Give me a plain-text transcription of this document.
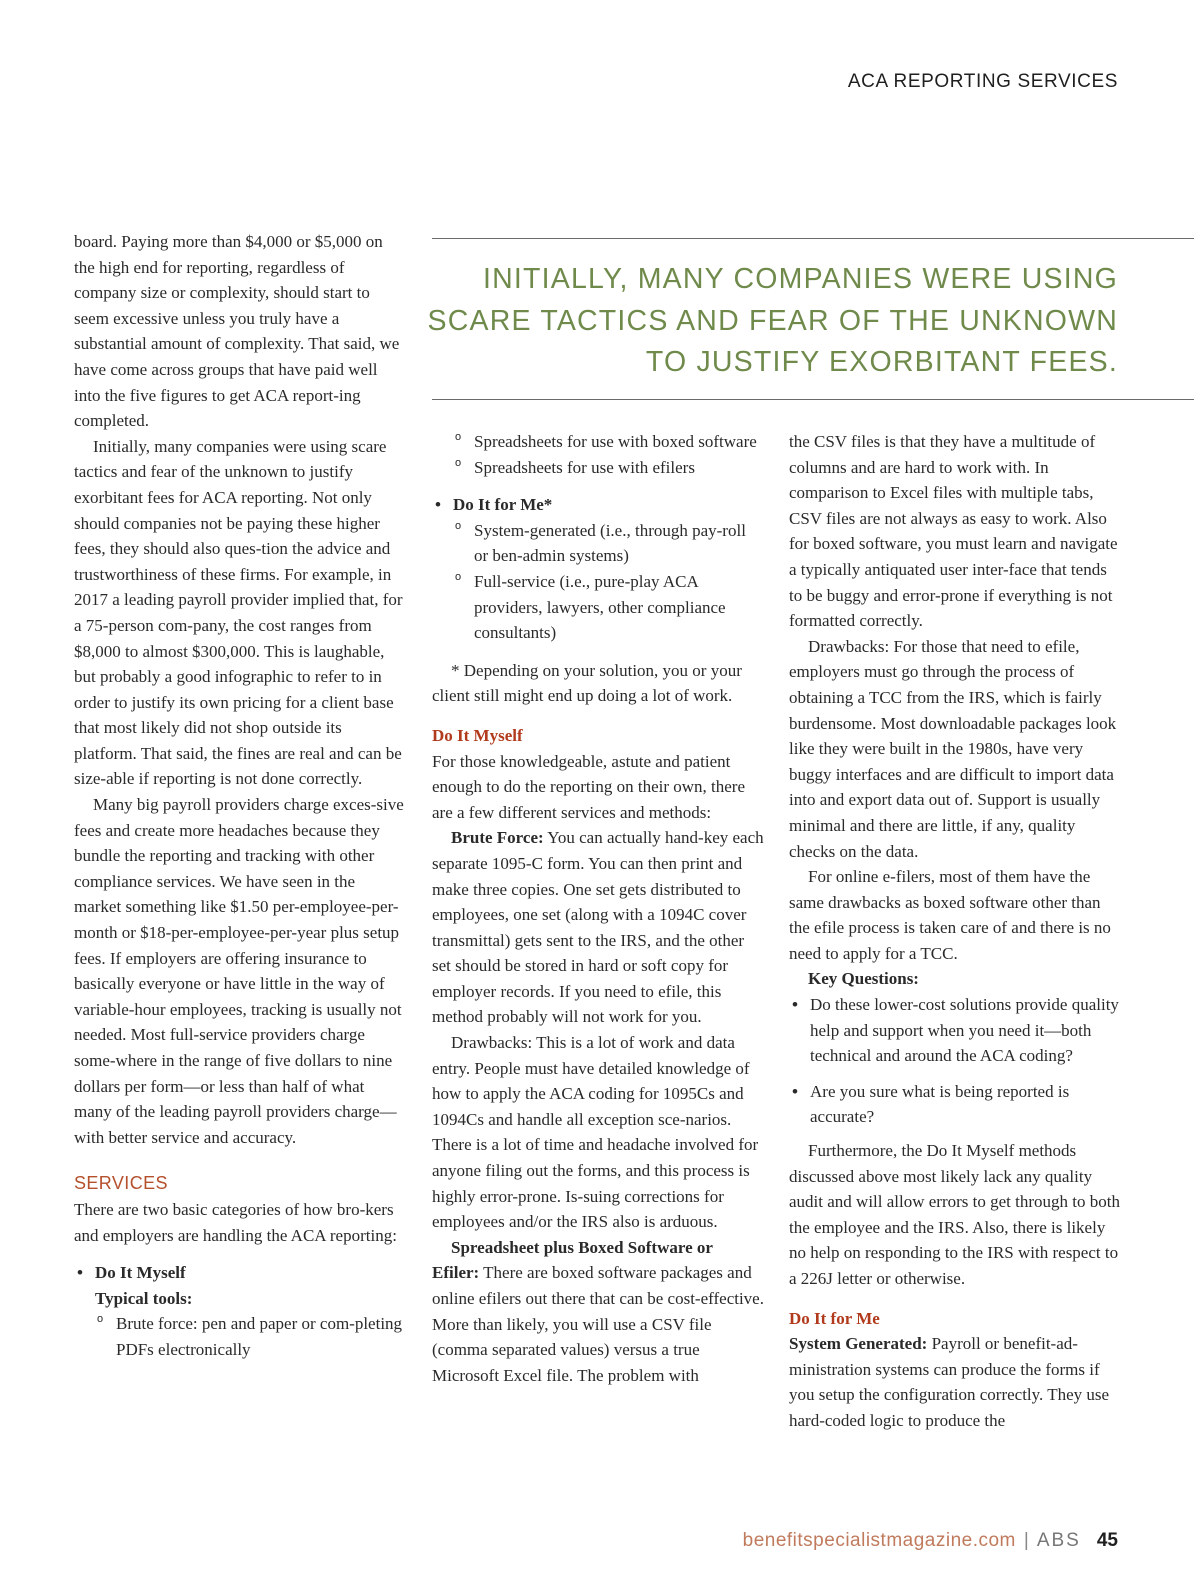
ACA REPORTING SERVICES

board. Paying more than $4,000 or $5,000 on the high end for reporting, regardless of company size or complexity, should start to seem excessive unless you truly have a substantial amount of complexity. That said, we have come across groups that have paid well into the five figures to get ACA report-ing completed.

Initially, many companies were using scare tactics and fear of the unknown to justify exorbitant fees for ACA reporting. Not only should companies not be paying these higher fees, they should also ques-tion the advice and trustworthiness of these firms. For example, in 2017 a leading payroll provider implied that, for a 75-person com-pany, the cost ranges from $8,000 to almost $300,000. This is laughable, but probably a good infographic to refer to in order to justify its own pricing for a client base that most likely did not shop outside its platform. That said, the fines are real and can be size-able if reporting is not done correctly.

Many big payroll providers charge exces-sive fees and create more headaches because they bundle the reporting and tracking with other compliance services. We have seen in the market something like $1.50 per-employee-per-month or $18-per-employee-per-year plus setup fees. If employers are offering insurance to basically everyone or have little in the way of variable-hour employees, tracking is usually not needed. Most full-service providers charge some-where in the range of five dollars to nine dollars per form—or less than half of what many of the leading payroll providers charge—with better service and accuracy.

SERVICES

There are two basic categories of how bro-kers and employers are handling the ACA reporting:

• Do It Myself
Typical tools:
o Brute force: pen and paper or com-pleting PDFs electronically
INITIALLY, MANY COMPANIES WERE USING
SCARE TACTICS AND FEAR OF THE UNKNOWN
TO JUSTIFY EXORBITANT FEES.
o Spreadsheets for use with boxed software
o Spreadsheets for use with efilers
• Do It for Me*
o System-generated (i.e., through pay-roll or ben-admin systems)
o Full-service (i.e., pure-play ACA providers, lawyers, other compliance consultants)

* Depending on your solution, you or your client still might end up doing a lot of work.

Do It Myself

For those knowledgeable, astute and patient enough to do the reporting on their own, there are a few different services and methods:

Brute Force: You can actually hand-key each separate 1095-C form. You can then print and make three copies. One set gets distributed to employees, one set (along with a 1094C cover transmittal) gets sent to the IRS, and the other set should be stored in hard or soft copy for employer records. If you need to efile, this method probably will not work for you.

Drawbacks: This is a lot of work and data entry. People must have detailed knowledge of how to apply the ACA coding for 1095Cs and 1094Cs and handle all exception sce-narios. There is a lot of time and headache involved for anyone filing out the forms, and this process is highly error-prone. Is-suing corrections for employees and/or the IRS also is arduous.

Spreadsheet plus Boxed Software or Efiler: There are boxed software packages and online efilers out there that can be cost-effective. More than likely, you will use a CSV file (comma separated values) versus a true Microsoft Excel file. The problem with

the CSV files is that they have a multitude of columns and are hard to work with. In comparison to Excel files with multiple tabs, CSV files are not always as easy to work. Also for boxed software, you must learn and navigate a typically antiquated user inter-face that tends to be buggy and error-prone if everything is not formatted correctly.

Drawbacks: For those that need to efile, employers must go through the process of obtaining a TCC from the IRS, which is fairly burdensome. Most downloadable packages look like they were built in the 1980s, have very buggy interfaces and are difficult to import data into and export data out of. Support is usually minimal and there are little, if any, quality checks on the data.

For online e-filers, most of them have the same drawbacks as boxed software other than the efile process is taken care of and there is no need to apply for a TCC.

Key Questions:

• Do these lower-cost solutions provide quality help and support when you need it—both technical and around the ACA coding?
• Are you sure what is being reported is accurate?

Furthermore, the Do It Myself methods discussed above most likely lack any quality audit and will allow errors to get through to both the employee and the IRS. Also, there is likely no help on responding to the IRS with respect to a 226J letter or otherwise.

Do It for Me

System Generated: Payroll or benefit-ad-ministration systems can produce the forms if you setup the configuration correctly. They use hard-coded logic to produce the

benefitspecialistmagazine.com | ABS 45
